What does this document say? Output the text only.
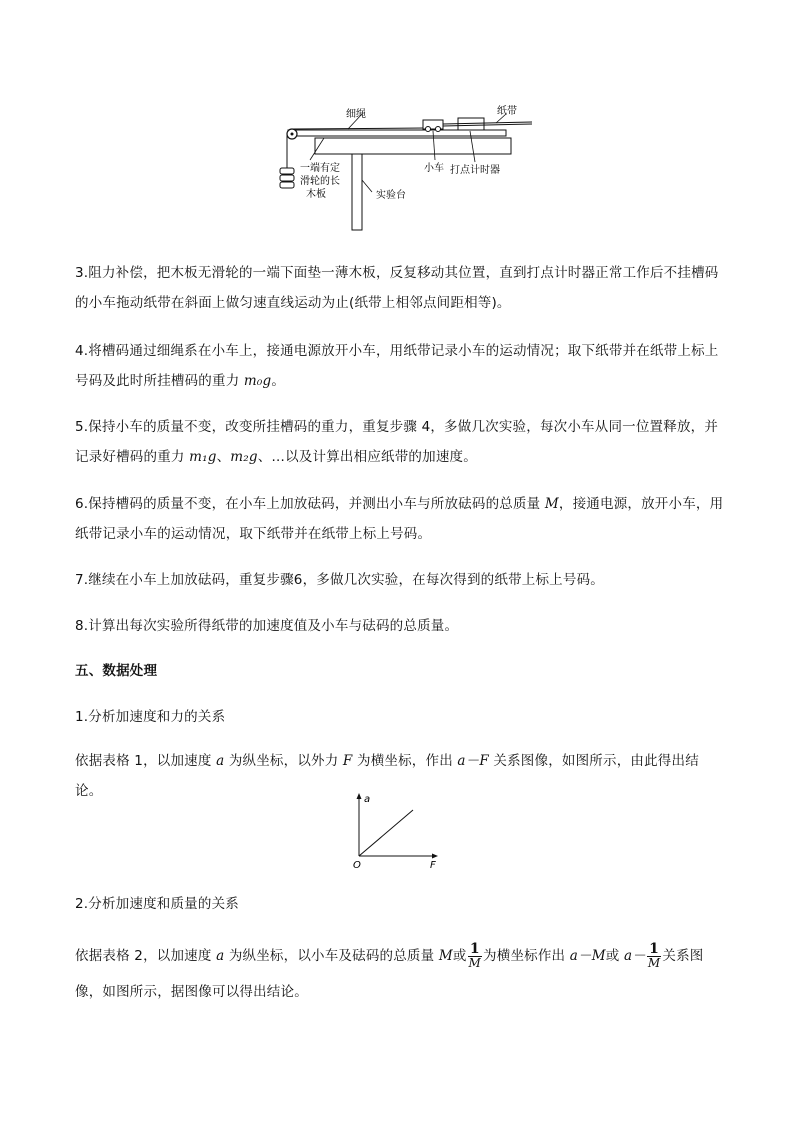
细绳	纸带
小车 打点计时器
一端有定
滑轮的长
木板	实验台

3.阻力补偿，把木板无滑轮的一端下面垫一薄木板，反复移动其位置，直到打点计时器正常工作后不挂槽码的小车拖动纸带在斜面上做匀速直线运动为止(纸带上相邻点间距相等)。

4.将槽码通过细绳系在小车上，接通电源放开小车，用纸带记录小车的运动情况；取下纸带并在纸带上标上号码及此时所挂槽码的重力 m₀g。

5.保持小车的质量不变，改变所挂槽码的重力，重复步骤 4，多做几次实验，每次小车从同一位置释放，并记录好槽码的重力 m₁g、m₂g、…以及计算出相应纸带的加速度。

6.保持槽码的质量不变，在小车上加放砝码，并测出小车与所放砝码的总质量 M，接通电源，放开小车，用纸带记录小车的运动情况，取下纸带并在纸带上标上号码。

7.继续在小车上加放砝码，重复步骤6，多做几次实验，在每次得到的纸带上标上号码。

8.计算出每次实验所得纸带的加速度值及小车与砝码的总质量。

五、数据处理

1.分析加速度和力的关系

依据表格 1，以加速度 a 为纵坐标，以外力 F 为横坐标，作出 a－F 关系图像，如图所示，由此得出结论。

a
F
O

2.分析加速度和质量的关系

依据表格 2，以加速度 a 为纵坐标，以小车及砝码的总质量 M或 $\frac{1}{M}$ 为横坐标作出 a－M或 $a- \frac{1}{M}$ 关系图像，如图所示，据图像可以得出结论。
